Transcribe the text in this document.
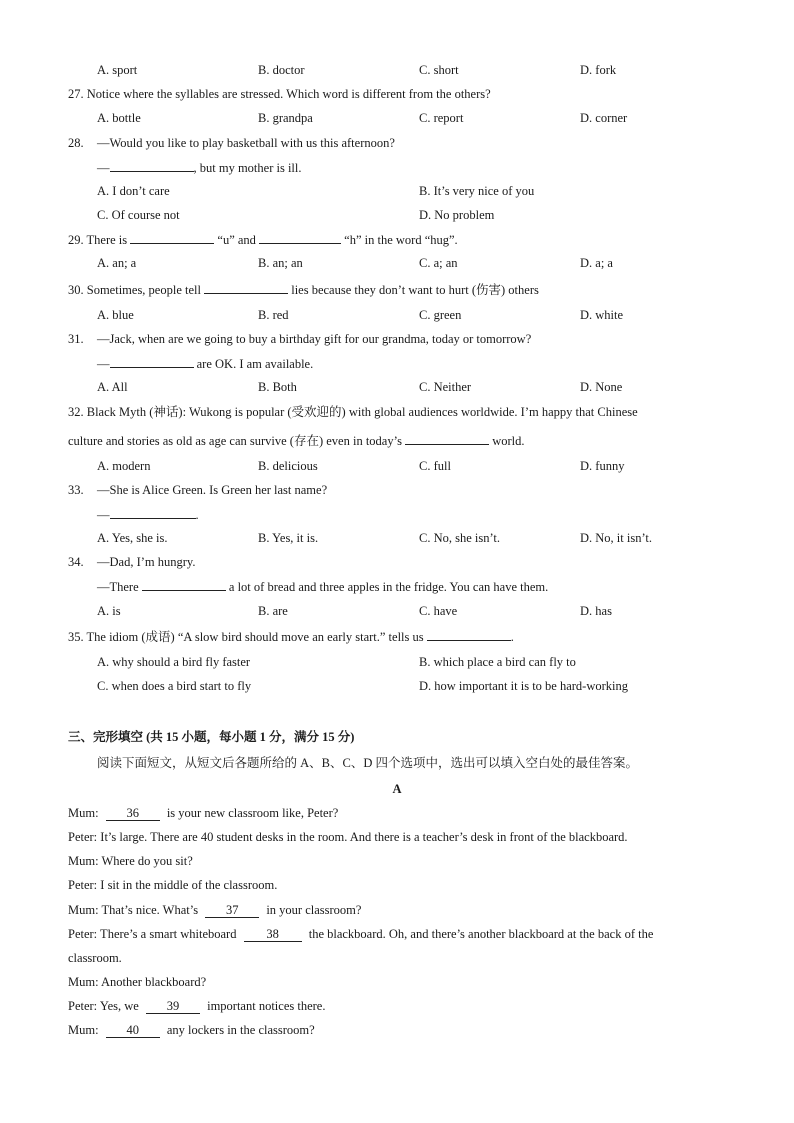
A. sport	B. doctor	C. short	D. fork
27. Notice where the syllables are stressed. Which word is different from the others?
A. bottle	B. grandpa	C. report	D. corner
28. —Would you like to play basketball with us this afternoon?
—	, but my mother is ill.
A. I don’t care	B. It’s very nice of you
C. Of course not	D. No problem
29. There is	“u” and	“h” in the word “hug”.
A. an; a	B. an; an	C. a; an	D. a; a
30. Sometimes, people tell	lies because they don’t want to hurt (伤害) others
A. blue	B. red	C. green	D. white
31. —Jack, when are we going to buy a birthday gift for our grandma, today or tomorrow?
—	are OK. I am available.
A. All	B. Both	C. Neither	D. None
32. Black Myth (神话): Wukong is popular (受欢迎的) with global audiences worldwide. I’m happy that Chinese
culture and stories as old as age can survive (存在) even in today’s	world.
A. modern	B. delicious	C. full	D. funny
33. —She is Alice Green. Is Green her last name?
—	.
A. Yes, she is.	B. Yes, it is.	C. No, she isn’t.	D. No, it isn’t.
34. —Dad, I’m hungry.
—There	a lot of bread and three apples in the fridge. You can have them.
A. is	B. are	C. have	D. has
35. The idiom (成语) “A slow bird should move an early start.” tells us	.
A. why should a bird fly faster	B. which place a bird can fly to
C. when does a bird start to fly	D. how important it is to be hard-working
三、完形填空 (共 15 小题，每小题 1 分，满分 15 分)
阅读下面短文，从短文后各题所给的 A、B、C、D 四个选项中，选出可以填入空白处的最佳答案。
A
Mum: 36 is your new classroom like, Peter?
Peter: It’s large. There are 40 student desks in the room. And there is a teacher’s desk in front of the blackboard.
Mum: Where do you sit?
Peter: I sit in the middle of the classroom.
Mum: That’s nice. What’s 37 in your classroom?
Peter: There’s a smart whiteboard 38 the blackboard. Oh, and there’s another blackboard at the back of the
classroom.
Mum: Another blackboard?
Peter: Yes, we 39 important notices there.
Mum: 40 any lockers in the classroom?
